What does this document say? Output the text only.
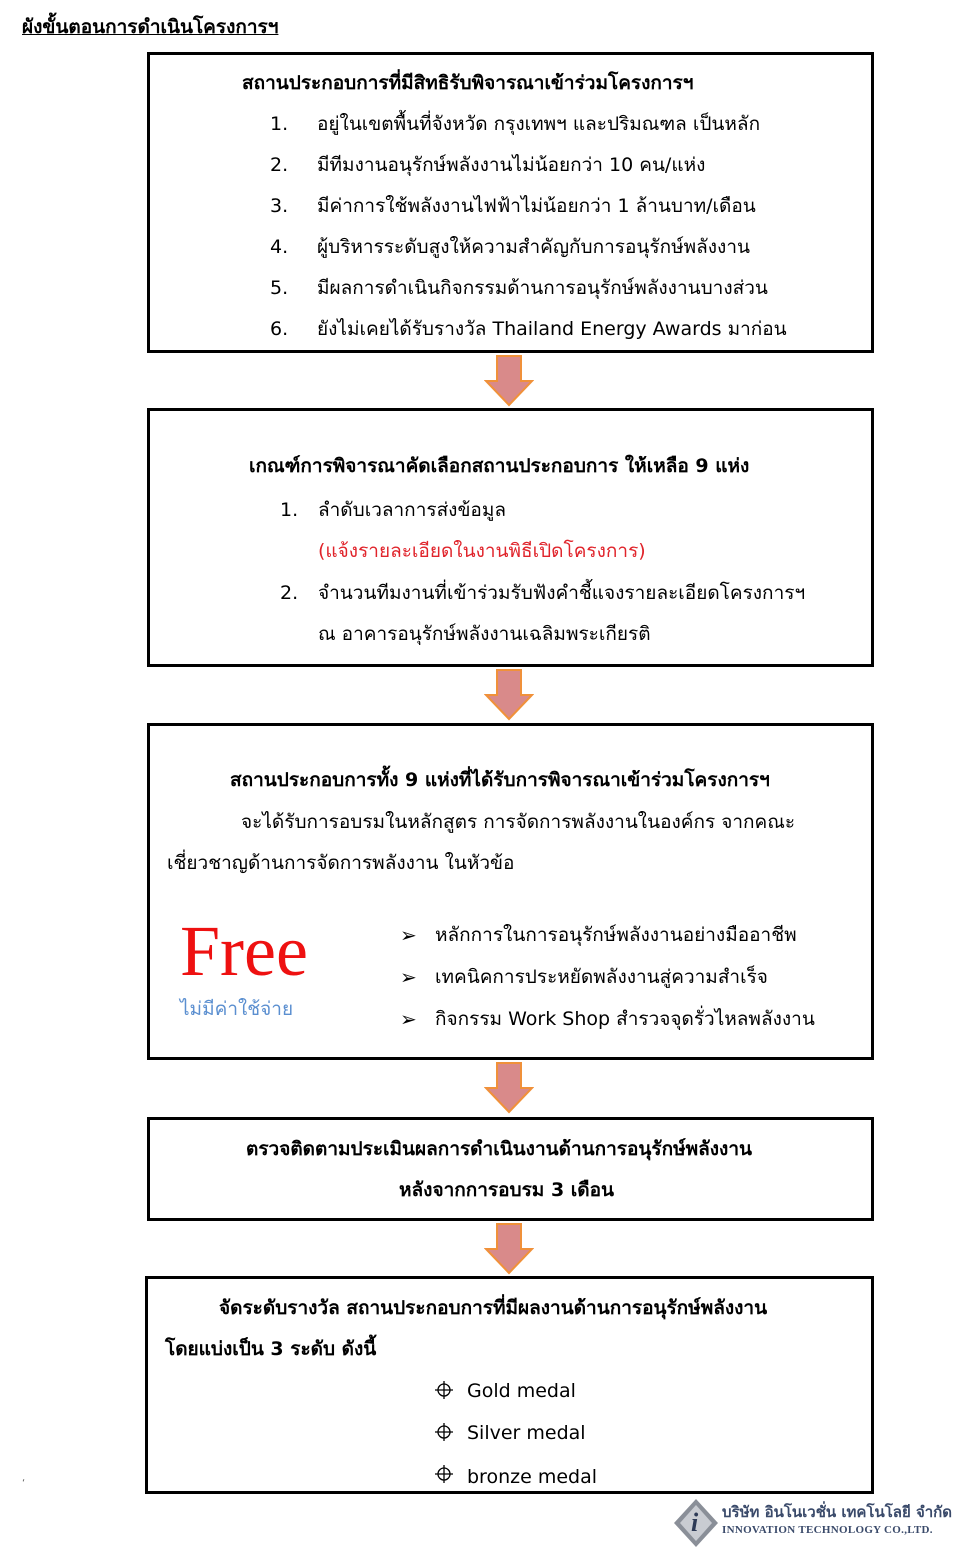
ผังขั้นตอนการดำเนินโครงการฯ
สถานประกอบการที่มีสิทธิรับพิจารณาเข้าร่วมโครงการฯ
1. อยู่ในเขตพื้นที่จังหวัด กรุงเทพฯ และปริมณฑล เป็นหลัก
2. มีทีมงานอนุรักษ์พลังงานไม่น้อยกว่า 10 คน/แห่ง
3. มีค่าการใช้พลังงานไฟฟ้าไม่น้อยกว่า 1 ล้านบาท/เดือน
4. ผู้บริหารระดับสูงให้ความสำคัญกับการอนุรักษ์พลังงาน
5. มีผลการดำเนินกิจกรรมด้านการอนุรักษ์พลังงานบางส่วน
6. ยังไม่เคยได้รับรางวัล Thailand Energy Awards มาก่อน
เกณฑ์การพิจารณาคัดเลือกสถานประกอบการ ให้เหลือ 9 แห่ง
1. ลำดับเวลาการส่งข้อมูล
(แจ้งรายละเอียดในงานพิธีเปิดโครงการ)
2. จำนวนทีมงานที่เข้าร่วมรับฟังคำชี้แจงรายละเอียดโครงการฯ
ณ อาคารอนุรักษ์พลังงานเฉลิมพระเกียรติ
สถานประกอบการทั้ง 9 แห่งที่ได้รับการพิจารณาเข้าร่วมโครงการฯ
จะได้รับการอบรมในหลักสูตร การจัดการพลังงานในองค์กร จากคณะ
เชี่ยวชาญด้านการจัดการพลังงาน ในหัวข้อ
Free
ไม่มีค่าใช้จ่าย
➢ หลักการในการอนุรักษ์พลังงานอย่างมืออาชีพ
➢ เทคนิคการประหยัดพลังงานสู่ความสำเร็จ
➢ กิจกรรม Work Shop สำรวจจุดรั่วไหลพลังงาน
ตรวจติดตามประเมินผลการดำเนินงานด้านการอนุรักษ์พลังงาน
หลังจากการอบรม 3 เดือน
จัดระดับรางวัล สถานประกอบการที่มีผลงานด้านการอนุรักษ์พลังงาน
โดยแบ่งเป็น 3 ระดับ ดังนี้
Gold medal
Silver medal
bronze medal
‘
i บริษัท อินโนเวชั่น เทคโนโลยี จำกัด
INNOVATION TECHNOLOGY CO.,LTD.
